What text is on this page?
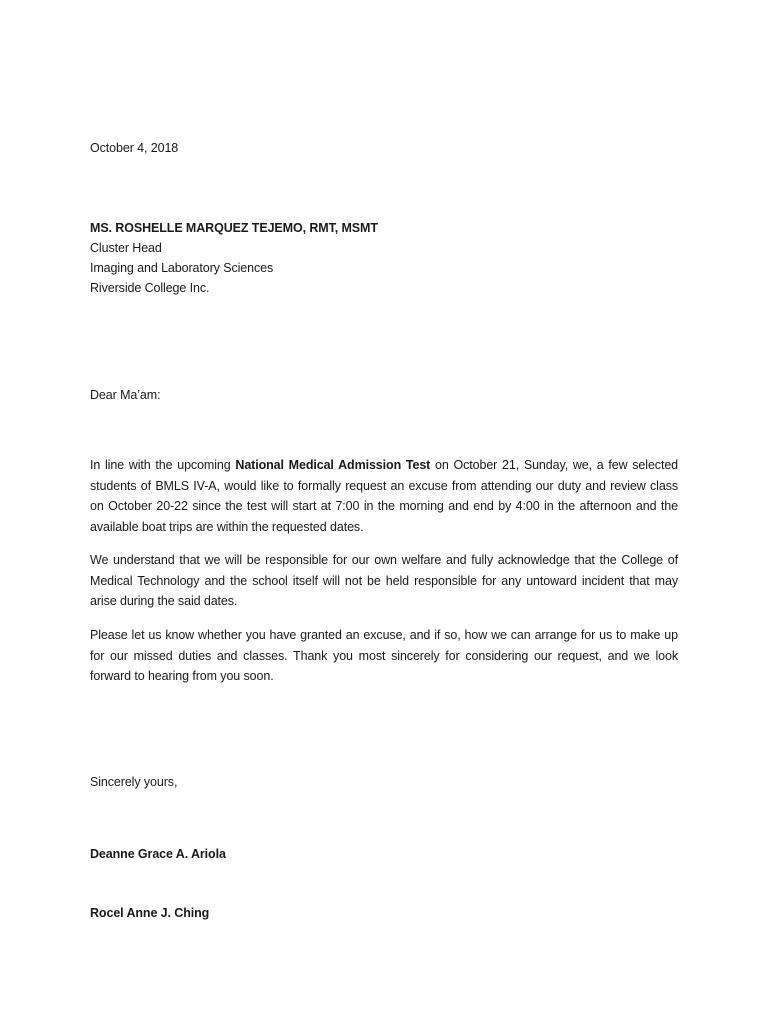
October 4, 2018

MS. ROSHELLE MARQUEZ TEJEMO, RMT, MSMT
Cluster Head
Imaging and Laboratory Sciences
Riverside College Inc.

Dear Ma’am:

In line with the upcoming National Medical Admission Test on October 21, Sunday, we, a few selected students of BMLS IV-A, would like to formally request an excuse from attending our duty and review class on October 20-22 since the test will start at 7:00 in the morning and end by 4:00 in the afternoon and the available boat trips are within the requested dates.

We understand that we will be responsible for our own welfare and fully acknowledge that the College of Medical Technology and the school itself will not be held responsible for any untoward incident that may arise during the said dates.

Please let us know whether you have granted an excuse, and if so, how we can arrange for us to make up for our missed duties and classes. Thank you most sincerely for considering our request, and we look forward to hearing from you soon.

Sincerely yours,

Deanne Grace A. Ariola

Rocel Anne J. Ching
